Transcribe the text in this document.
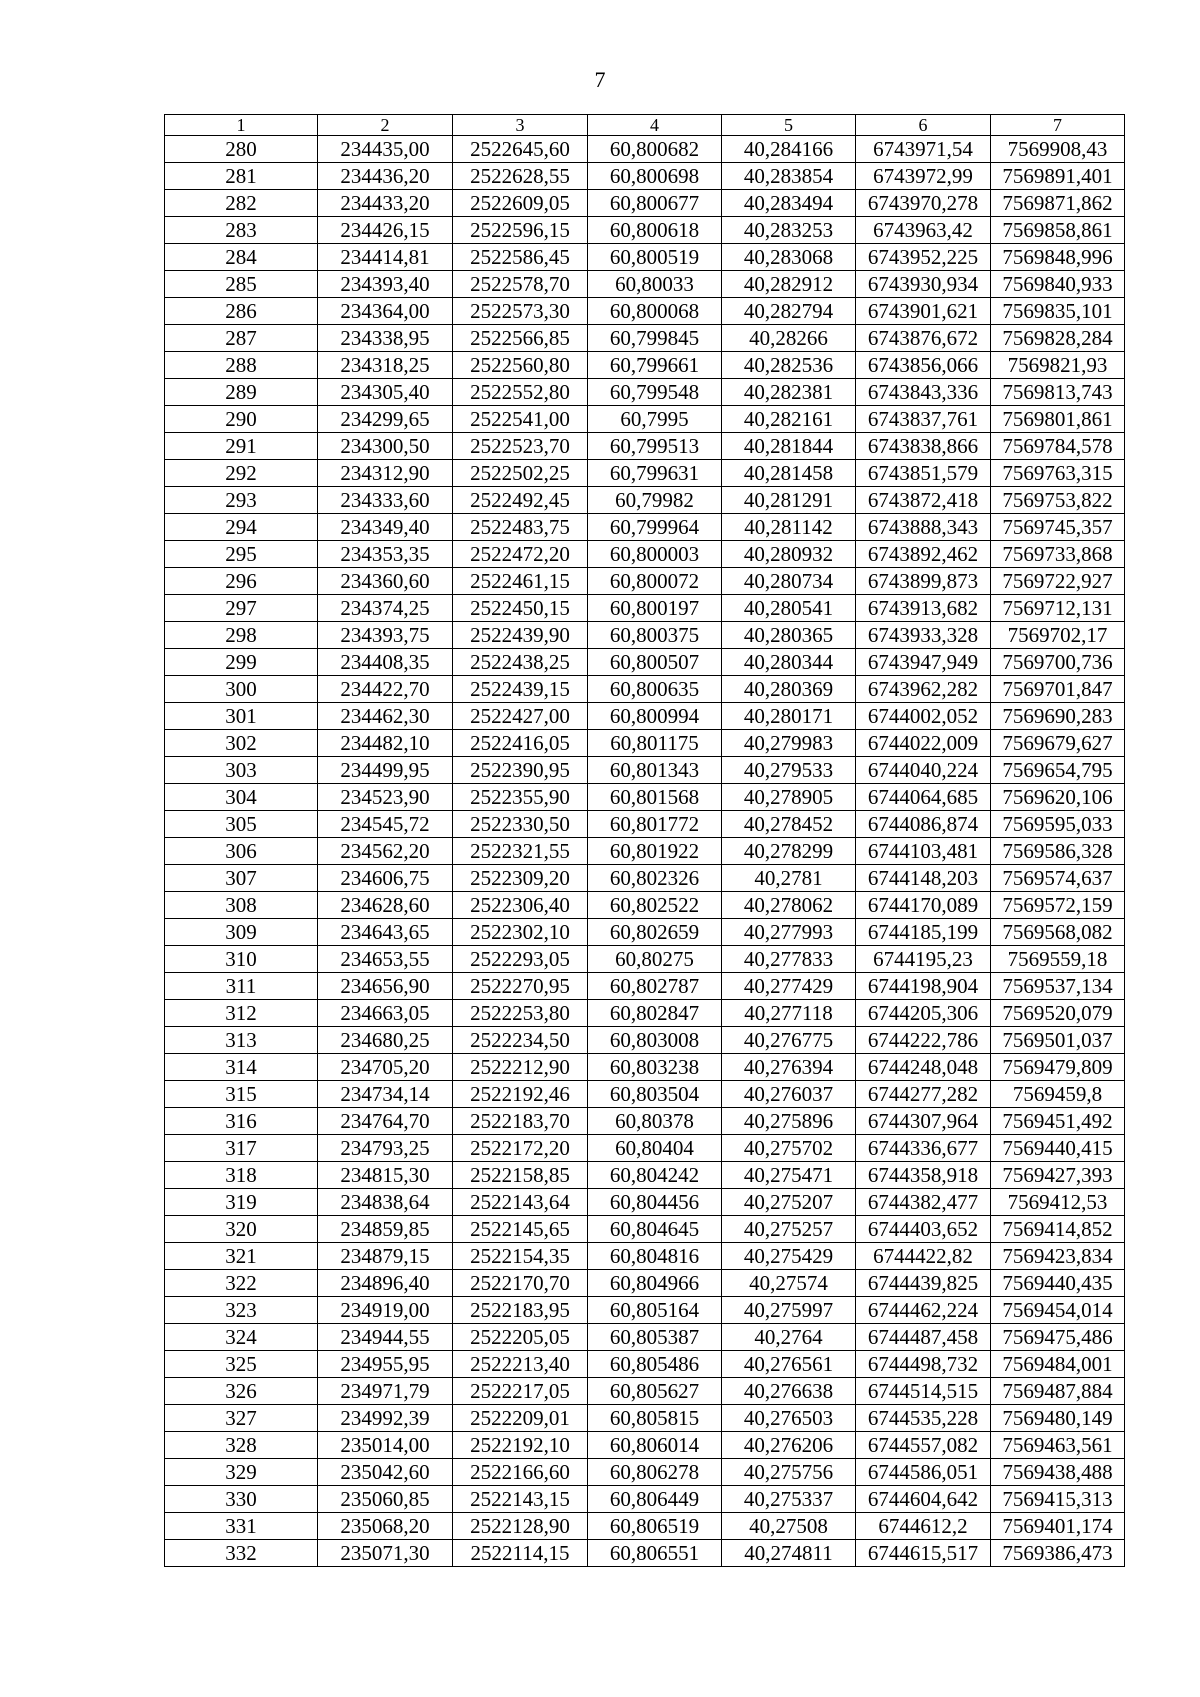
7
1	2	3	4	5	6	7
280	234435,00	2522645,60	60,800682	40,284166	6743971,54	7569908,43
281	234436,20	2522628,55	60,800698	40,283854	6743972,99	7569891,401
282	234433,20	2522609,05	60,800677	40,283494	6743970,278	7569871,862
283	234426,15	2522596,15	60,800618	40,283253	6743963,42	7569858,861
284	234414,81	2522586,45	60,800519	40,283068	6743952,225	7569848,996
285	234393,40	2522578,70	60,80033	40,282912	6743930,934	7569840,933
286	234364,00	2522573,30	60,800068	40,282794	6743901,621	7569835,101
287	234338,95	2522566,85	60,799845	40,28266	6743876,672	7569828,284
288	234318,25	2522560,80	60,799661	40,282536	6743856,066	7569821,93
289	234305,40	2522552,80	60,799548	40,282381	6743843,336	7569813,743
290	234299,65	2522541,00	60,7995	40,282161	6743837,761	7569801,861
291	234300,50	2522523,70	60,799513	40,281844	6743838,866	7569784,578
292	234312,90	2522502,25	60,799631	40,281458	6743851,579	7569763,315
293	234333,60	2522492,45	60,79982	40,281291	6743872,418	7569753,822
294	234349,40	2522483,75	60,799964	40,281142	6743888,343	7569745,357
295	234353,35	2522472,20	60,800003	40,280932	6743892,462	7569733,868
296	234360,60	2522461,15	60,800072	40,280734	6743899,873	7569722,927
297	234374,25	2522450,15	60,800197	40,280541	6743913,682	7569712,131
298	234393,75	2522439,90	60,800375	40,280365	6743933,328	7569702,17
299	234408,35	2522438,25	60,800507	40,280344	6743947,949	7569700,736
300	234422,70	2522439,15	60,800635	40,280369	6743962,282	7569701,847
301	234462,30	2522427,00	60,800994	40,280171	6744002,052	7569690,283
302	234482,10	2522416,05	60,801175	40,279983	6744022,009	7569679,627
303	234499,95	2522390,95	60,801343	40,279533	6744040,224	7569654,795
304	234523,90	2522355,90	60,801568	40,278905	6744064,685	7569620,106
305	234545,72	2522330,50	60,801772	40,278452	6744086,874	7569595,033
306	234562,20	2522321,55	60,801922	40,278299	6744103,481	7569586,328
307	234606,75	2522309,20	60,802326	40,2781	6744148,203	7569574,637
308	234628,60	2522306,40	60,802522	40,278062	6744170,089	7569572,159
309	234643,65	2522302,10	60,802659	40,277993	6744185,199	7569568,082
310	234653,55	2522293,05	60,80275	40,277833	6744195,23	7569559,18
311	234656,90	2522270,95	60,802787	40,277429	6744198,904	7569537,134
312	234663,05	2522253,80	60,802847	40,277118	6744205,306	7569520,079
313	234680,25	2522234,50	60,803008	40,276775	6744222,786	7569501,037
314	234705,20	2522212,90	60,803238	40,276394	6744248,048	7569479,809
315	234734,14	2522192,46	60,803504	40,276037	6744277,282	7569459,8
316	234764,70	2522183,70	60,80378	40,275896	6744307,964	7569451,492
317	234793,25	2522172,20	60,80404	40,275702	6744336,677	7569440,415
318	234815,30	2522158,85	60,804242	40,275471	6744358,918	7569427,393
319	234838,64	2522143,64	60,804456	40,275207	6744382,477	7569412,53
320	234859,85	2522145,65	60,804645	40,275257	6744403,652	7569414,852
321	234879,15	2522154,35	60,804816	40,275429	6744422,82	7569423,834
322	234896,40	2522170,70	60,804966	40,27574	6744439,825	7569440,435
323	234919,00	2522183,95	60,805164	40,275997	6744462,224	7569454,014
324	234944,55	2522205,05	60,805387	40,2764	6744487,458	7569475,486
325	234955,95	2522213,40	60,805486	40,276561	6744498,732	7569484,001
326	234971,79	2522217,05	60,805627	40,276638	6744514,515	7569487,884
327	234992,39	2522209,01	60,805815	40,276503	6744535,228	7569480,149
328	235014,00	2522192,10	60,806014	40,276206	6744557,082	7569463,561
329	235042,60	2522166,60	60,806278	40,275756	6744586,051	7569438,488
330	235060,85	2522143,15	60,806449	40,275337	6744604,642	7569415,313
331	235068,20	2522128,90	60,806519	40,27508	6744612,2	7569401,174
332	235071,30	2522114,15	60,806551	40,274811	6744615,517	7569386,473
